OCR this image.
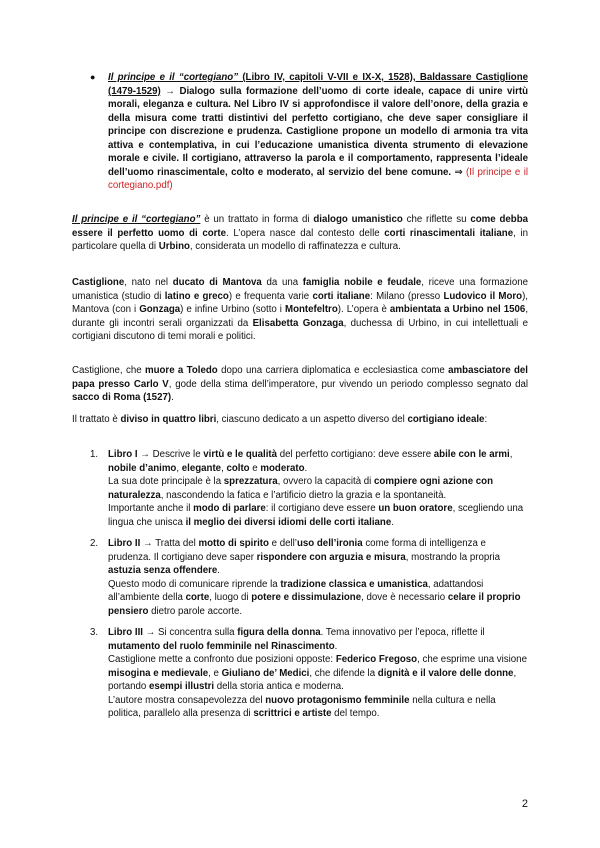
● Il principe e il “cortegiano” (Libro IV, capitoli V-VII e IX-X, 1528), Baldassare Castiglione (1479-1529) → Dialogo sulla formazione dell’uomo di corte ideale, capace di unire virtù morali, eleganza e cultura. Nel Libro IV si approfondisce il valore dell’onore, della grazia e della misura come tratti distintivi del perfetto cortigiano, che deve saper consigliare il principe con discrezione e prudenza. Castiglione propone un modello di armonia tra vita attiva e contemplativa, in cui l’educazione umanistica diventa strumento di elevazione morale e civile. Il cortigiano, attraverso la parola e il comportamento, rappresenta l’ideale dell’uomo rinascimentale, colto e moderato, al servizio del bene comune. ⇒ (Il principe e il cortegiano.pdf)

Il principe e il “cortegiano” è un trattato in forma di dialogo umanistico che riflette su come debba essere il perfetto uomo di corte. L’opera nasce dal contesto delle corti rinascimentali italiane, in particolare quella di Urbino, considerata un modello di raffinatezza e cultura.

Castiglione, nato nel ducato di Mantova da una famiglia nobile e feudale, riceve una formazione umanistica (studio di latino e greco) e frequenta varie corti italiane: Milano (presso Ludovico il Moro), Mantova (con i Gonzaga) e infine Urbino (sotto i Montefeltro). L’opera è ambientata a Urbino nel 1506, durante gli incontri serali organizzati da Elisabetta Gonzaga, duchessa di Urbino, in cui intellettuali e cortigiani discutono di temi morali e politici.

Castiglione, che muore a Toledo dopo una carriera diplomatica e ecclesiastica come ambasciatore del papa presso Carlo V, gode della stima dell’imperatore, pur vivendo un periodo complesso segnato dal sacco di Roma (1527).

Il trattato è diviso in quattro libri, ciascuno dedicato a un aspetto diverso del cortigiano ideale:

1. Libro I → Descrive le virtù e le qualità del perfetto cortigiano: deve essere abile con le armi, nobile d’animo, elegante, colto e moderato.

La sua dote principale è la sprezzatura, ovvero la capacità di compiere ogni azione con naturalezza, nascondendo la fatica e l’artificio dietro la grazia e la spontaneità.

Importante anche il modo di parlare: il cortigiano deve essere un buon oratore, scegliendo una lingua che unisca il meglio dei diversi idiomi delle corti italiane.

2. Libro II → Tratta del motto di spirito e dell’uso dell’ironia come forma di intelligenza e prudenza. Il cortigiano deve saper rispondere con arguzia e misura, mostrando la propria astuzia senza offendere.

Questo modo di comunicare riprende la tradizione classica e umanistica, adattandosi all’ambiente della corte, luogo di potere e dissimulazione, dove è necessario celare il proprio pensiero dietro parole accorte.

3. Libro III → Si concentra sulla figura della donna. Tema innovativo per l’epoca, riflette il mutamento del ruolo femminile nel Rinascimento.

Castiglione mette a confronto due posizioni opposte: Federico Fregoso, che esprime una visione misogina e medievale, e Giuliano de’ Medici, che difende la dignità e il valore delle donne, portando esempi illustri della storia antica e moderna.

L’autore mostra consapevolezza del nuovo protagonismo femminile nella cultura e nella politica, parallelo alla presenza di scrittrici e artiste del tempo.

2
